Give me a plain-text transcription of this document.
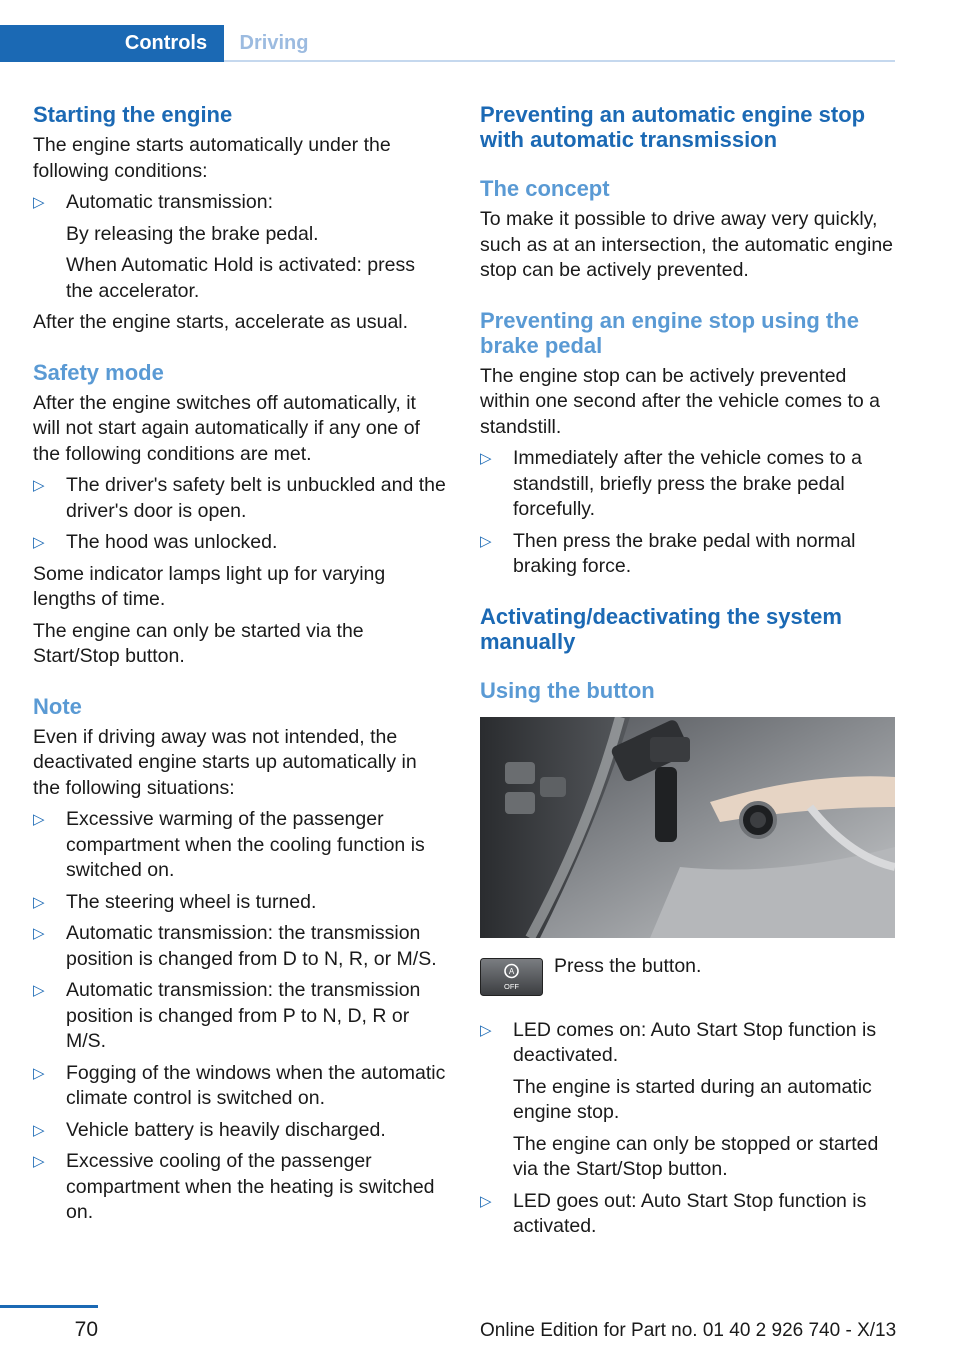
Controls	Driving
Starting the engine

The engine starts automatically under the following conditions:

▷ Automatic transmission:

By releasing the brake pedal.

When Automatic Hold is activated: press the accelerator.

After the engine starts, accelerate as usual.

Safety mode

After the engine switches off automatically, it will not start again automatically if any one of the following conditions are met.

▷ The driver's safety belt is unbuckled and the driver's door is open.

▷ The hood was unlocked.

Some indicator lamps light up for varying lengths of time.

The engine can only be started via the Start/Stop button.

Note

Even if driving away was not intended, the deactivated engine starts up automatically in the following situations:

▷ Excessive warming of the passenger compartment when the cooling function is switched on.

▷ The steering wheel is turned.

▷ Automatic transmission: the transmission position is changed from D to N, R, or M/S.

▷ Automatic transmission: the transmission position is changed from P to N, D, R or M/S.

▷ Fogging of the windows when the automatic climate control is switched on.

▷ Vehicle battery is heavily discharged.

▷ Excessive cooling of the passenger compartment when the heating is switched on.

Preventing an automatic engine stop with automatic transmission
The concept

To make it possible to drive away very quickly, such as at an intersection, the automatic engine stop can be actively prevented.

Preventing an engine stop using the brake pedal

The engine stop can be actively prevented within one second after the vehicle comes to a standstill.

▷ Immediately after the vehicle comes to a standstill, briefly press the brake pedal forcefully.

▷ Then press the brake pedal with normal braking force.

Activating/deactivating the system manually
Using the button
A
OFF

Press the button.

▷ LED comes on: Auto Start Stop function is deactivated.

The engine is started during an automatic engine stop.

The engine can only be stopped or started via the Start/Stop button.

▷ LED goes out: Auto Start Stop function is activated.

70	Online Edition for Part no. 01 40 2 926 740 - X/13
